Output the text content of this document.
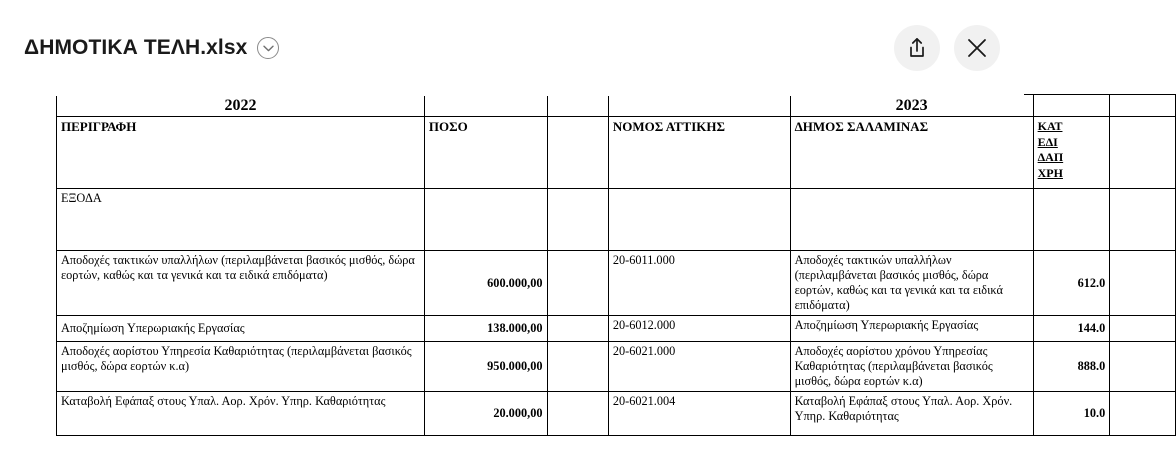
ΔΗΜΟΤΙΚΑ ΤΕΛΗ.xlsx
2022				2023		
ΠΕΡΙΓΡΑΦΗ	ΠΟΣΟ		ΝΟΜΟΣ ΑΤΤΙΚΗΣ	ΔΗΜΟΣ ΣΑΛΑΜΙΝΑΣ	ΚΑΤ
ΕΔΙ
ΔΑΠ
ΧΡΗ	

ΕΞΟΔΑ						
Αποδοχές τακτικών υπαλλήλων (περιλαμβάνεται βασικός μισθός, δώρα εορτών, καθώς και τα γενικά και τα ειδικά επιδόματα)	600.000,00		20-6011.000	Αποδοχές τακτικών υπαλλήλων (περιλαμβάνεται βασικός μισθός, δώρα εορτών, καθώς και τα γενικά και τα ειδικά επιδόματα)	612.0	
Αποζημίωση Υπερωριακής Εργασίας	138.000,00		20-6012.000	Αποζημίωση Υπερωριακής Εργασίας	144.0	
Αποδοχές αορίστου Υπηρεσία Καθαριότητας (περιλαμβάνεται βασικός μισθός, δώρα εορτών κ.α)	950.000,00		20-6021.000	Αποδοχές αορίστου χρόνου Υπηρεσίας Καθαριότητας (περιλαμβάνεται βασικός μισθός, δώρα εορτών κ.α)	888.0	
Καταβολή Εφάπαξ στους Υπαλ. Αορ. Χρόν. Υπηρ. Καθαριότητας	20.000,00		20-6021.004	Καταβολή Εφάπαξ στους Υπαλ. Αορ. Χρόν. Υπηρ. Καθαριότητας	10.0	
